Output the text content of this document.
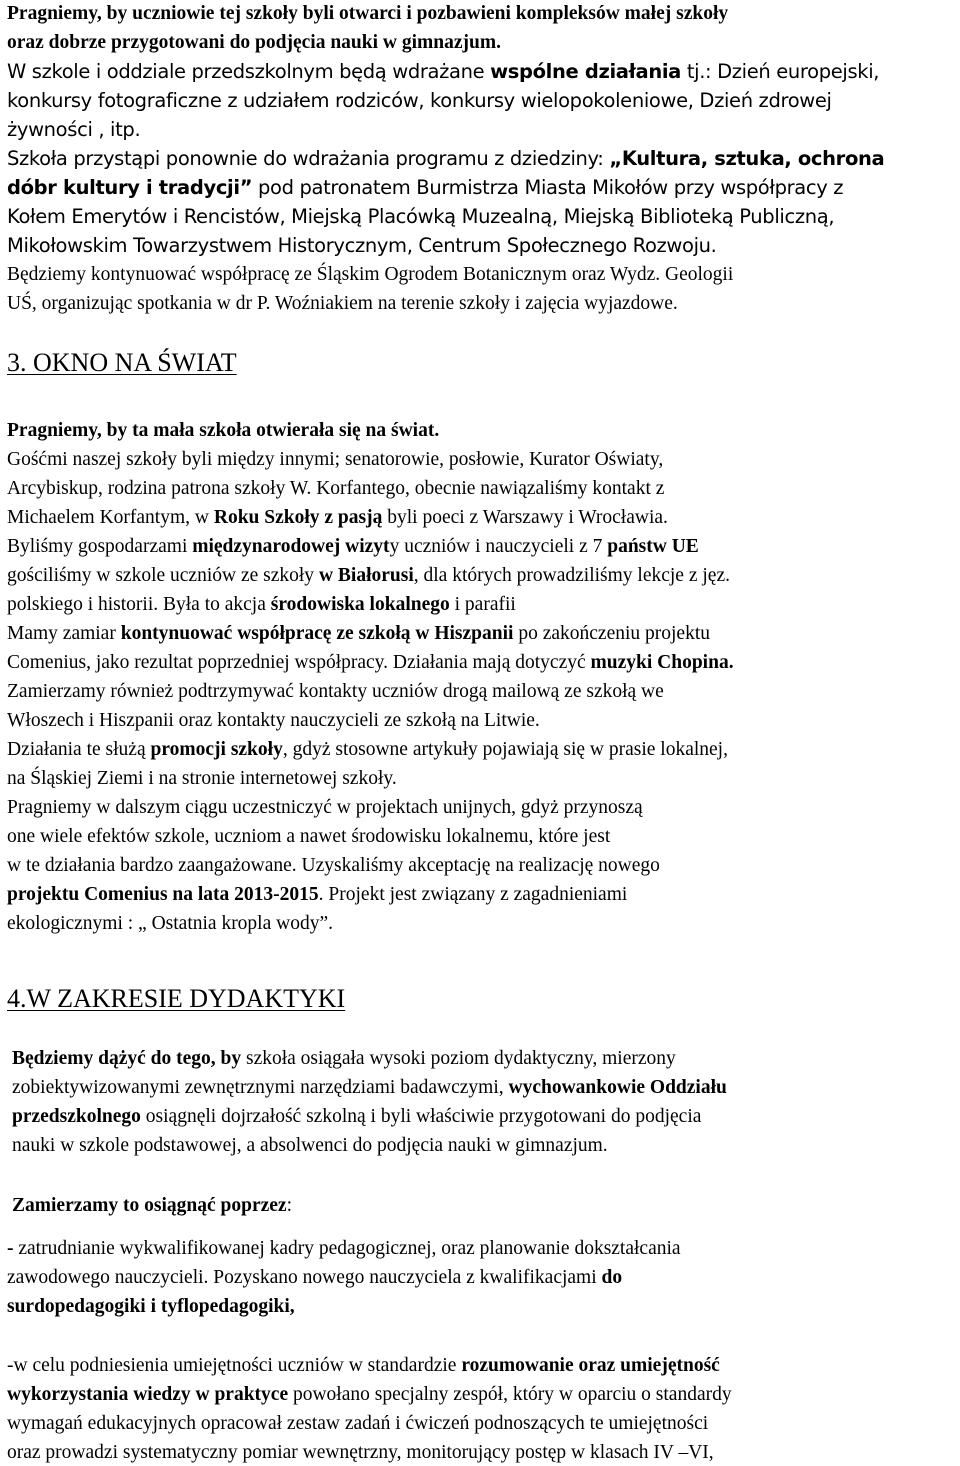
Pragniemy, by uczniowie tej szkoły byli otwarci i pozbawieni kompleksów małej szkoły

oraz dobrze przygotowani do podjęcia nauki w gimnazjum.

W szkole i oddziale przedszkolnym będą wdrażane wspólne działania tj.: Dzień europejski,

konkursy fotograficzne z udziałem rodziców, konkursy wielopokoleniowe, Dzień zdrowej

żywności , itp.

Szkoła przystąpi ponownie do wdrażania programu z dziedziny: „Kultura, sztuka, ochrona

dóbr kultury i tradycji” pod patronatem Burmistrza Miasta Mikołów przy współpracy z

Kołem Emerytów i Rencistów, Miejską Placówką Muzealną, Miejską Biblioteką Publiczną,

Mikołowskim Towarzystwem Historycznym, Centrum Społecznego Rozwoju.

Będziemy kontynuować współpracę ze Śląskim Ogrodem Botanicznym oraz Wydz. Geologii

UŚ, organizując spotkania w dr P. Woźniakiem na terenie szkoły i zajęcia wyjazdowe.

3. OKNO NA ŚWIAT

Pragniemy, by ta mała szkoła otwierała się na świat.

Gośćmi naszej szkoły byli między innymi; senatorowie, posłowie, Kurator Oświaty,

Arcybiskup, rodzina patrona szkoły W. Korfantego, obecnie nawiązaliśmy kontakt z

Michaelem Korfantym, w Roku Szkoły z pasją byli poeci z Warszawy i Wrocławia.

Byliśmy gospodarzami międzynarodowej wizyty uczniów i nauczycieli z 7 państw UE

gościliśmy w szkole uczniów ze szkoły w Białorusi, dla których prowadziliśmy lekcje z jęz.

polskiego i historii. Była to akcja środowiska lokalnego i parafii

Mamy zamiar kontynuować współpracę ze szkołą w Hiszpanii po zakończeniu projektu

Comenius, jako rezultat poprzedniej współpracy. Działania mają dotyczyć muzyki Chopina.

Zamierzamy również podtrzymywać kontakty uczniów drogą mailową ze szkołą we

Włoszech i Hiszpanii oraz kontakty nauczycieli ze szkołą na Litwie.

Działania te służą promocji szkoły, gdyż stosowne artykuły pojawiają się w prasie lokalnej,

na Śląskiej Ziemi i na stronie internetowej szkoły.

Pragniemy w dalszym ciągu uczestniczyć w projektach unijnych, gdyż przynoszą

one wiele efektów szkole, uczniom a nawet środowisku lokalnemu, które jest

w te działania bardzo zaangażowane. Uzyskaliśmy akceptację na realizację nowego

projektu Comenius na lata 2013-2015. Projekt jest związany z zagadnieniami

ekologicznymi : „ Ostatnia kropla wody”.

4.W ZAKRESIE DYDAKTYKI

Będziemy dążyć do tego, by szkoła osiągała wysoki poziom dydaktyczny, mierzony

zobiektywizowanymi zewnętrznymi narzędziami badawczymi, wychowankowie Oddziału

przedszkolnego osiągnęli dojrzałość szkolną i byli właściwie przygotowani do podjęcia

nauki w szkole podstawowej, a absolwenci do podjęcia nauki w gimnazjum.

Zamierzamy to osiągnąć poprzez:

- zatrudnianie wykwalifikowanej kadry pedagogicznej, oraz planowanie dokształcania

zawodowego nauczycieli. Pozyskano nowego nauczyciela z kwalifikacjami do

surdopedagogiki i tyflopedagogiki,

-w celu podniesienia umiejętności uczniów w standardzie rozumowanie oraz umiejętność

wykorzystania wiedzy w praktyce powołano specjalny zespół, który w oparciu o standardy

wymagań edukacyjnych opracował zestaw zadań i ćwiczeń podnoszących te umiejętności

oraz prowadzi systematyczny pomiar wewnętrzny, monitorujący postęp w klasach IV –VI,
